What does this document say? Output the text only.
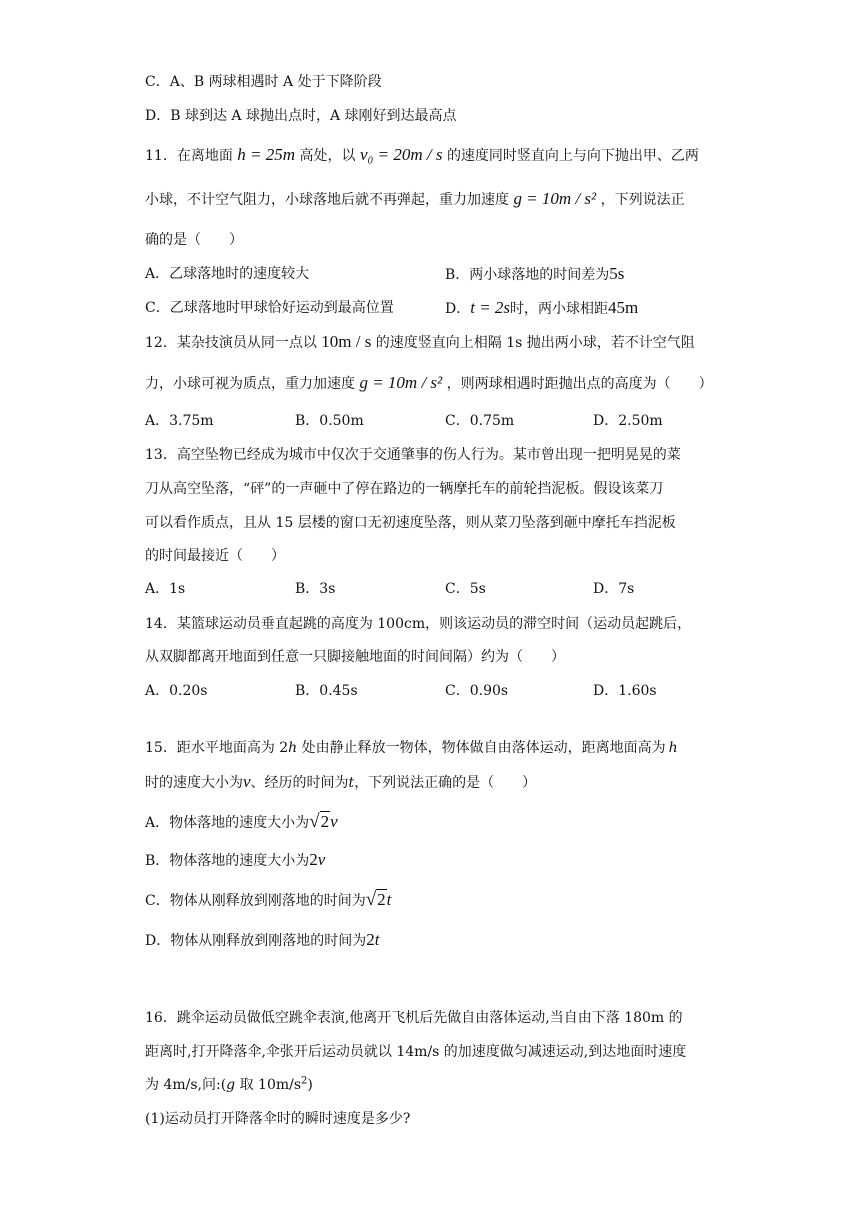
C．A、B 两球相遇时 A 处于下降阶段
D．B 球到达 A 球抛出点时，A 球刚好到达最高点
11．在离地面 h = 25m 高处，以 v₀ = 20m / s 的速度同时竖直向上与向下抛出甲、乙两
小球，不计空气阻力，小球落地后就不再弹起，重力加速度 g = 10m / s² ，下列说法正
确的是（　　）
A．乙球落地时的速度较大	B．两小球落地的时间差为5s
C．乙球落地时甲球恰好运动到最高位置	D．t = 2s时，两小球相距45m
12．某杂技演员从同一点以 10m / s 的速度竖直向上相隔 1s 抛出两小球，若不计空气阻
力，小球可视为质点，重力加速度 g = 10m / s² ，则两球相遇时距抛出点的高度为（　　）
A．3.75m	B．0.50m	C．0.75m	D．2.50m
13．高空坠物已经成为城市中仅次于交通肇事的伤人行为。某市曾出现一把明晃晃的菜
刀从高空坠落，“砰”的一声砸中了停在路边的一辆摩托车的前轮挡泥板。假设该菜刀
可以看作质点，且从 15 层楼的窗口无初速度坠落，则从菜刀坠落到砸中摩托车挡泥板
的时间最接近（　　）
A．1s	B．3s	C．5s	D．7s
14．某篮球运动员垂直起跳的高度为 100cm，则该运动员的滞空时间（运动员起跳后，
从双脚都离开地面到任意一只脚接触地面的时间间隔）约为（　　）
A．0.20s	B．0.45s	C．0.90s	D．1.60s
15．距水平地面高为 2h 处由静止释放一物体，物体做自由落体运动，距离地面高为 h
时的速度大小为v、经历的时间为t，下列说法正确的是（　　）
A．物体落地的速度大小为√2v
B．物体落地的速度大小为2v
C．物体从刚释放到刚落地的时间为√2t
D．物体从刚释放到刚落地的时间为2t
16．跳伞运动员做低空跳伞表演,他离开飞机后先做自由落体运动,当自由下落 180m 的
距离时,打开降落伞,伞张开后运动员就以 14m/s 的加速度做匀减速运动,到达地面时速度
为 4m/s,问:(g 取 $10m/s^2$)
(1)运动员打开降落伞时的瞬时速度是多少?
